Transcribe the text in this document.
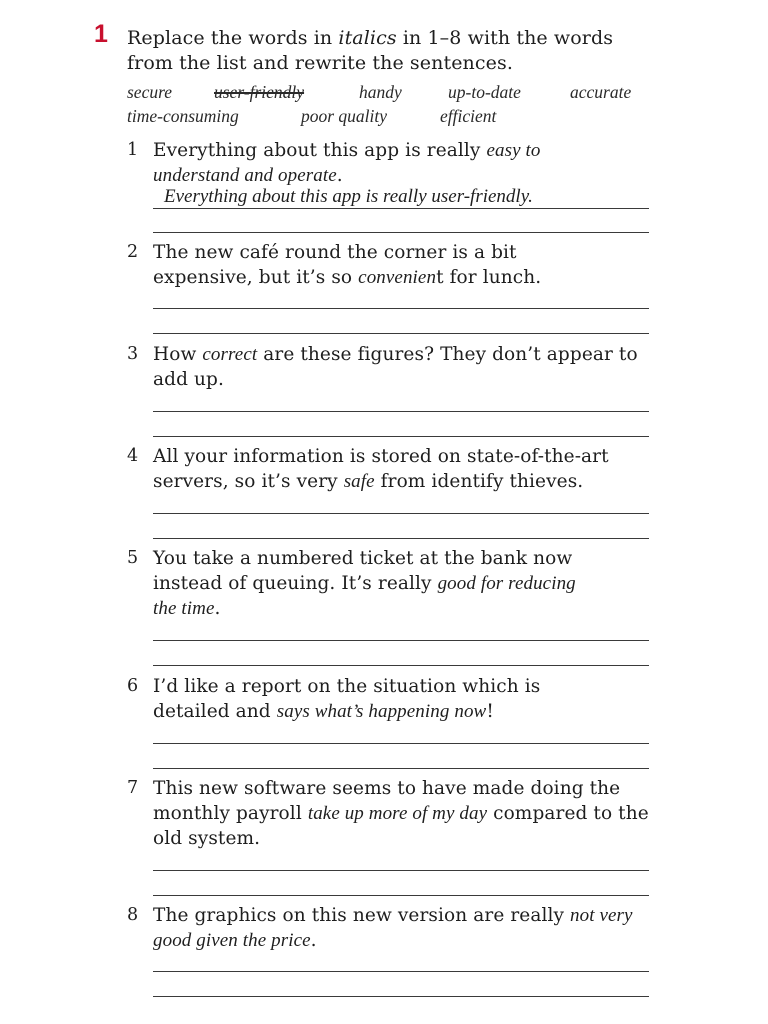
1 Replace the words in italics in 1–8 with the words
from the list and rewrite the sentences.
secure user-friendly	handy	up-to-date	accurate
time-consuming	poor quality	efficient
1 Everything about this app is really easy to understand and operate.
Everything about this app is really user-friendly.
2 The new café round the corner is a bit expensive, but it’s so convenient for lunch.
3 How correct are these figures? They don’t appear to add up.
4 All your information is stored on state-of-the-art servers, so it’s very safe from identify thieves.
5 You take a numbered ticket at the bank now instead of queuing. It’s really good for reducing the time.
6 I’d like a report on the situation which is detailed and says what’s happening now!
7 This new software seems to have made doing the monthly payroll take up more of my day compared to the old system.
8 The graphics on this new version are really not very good given the price.
